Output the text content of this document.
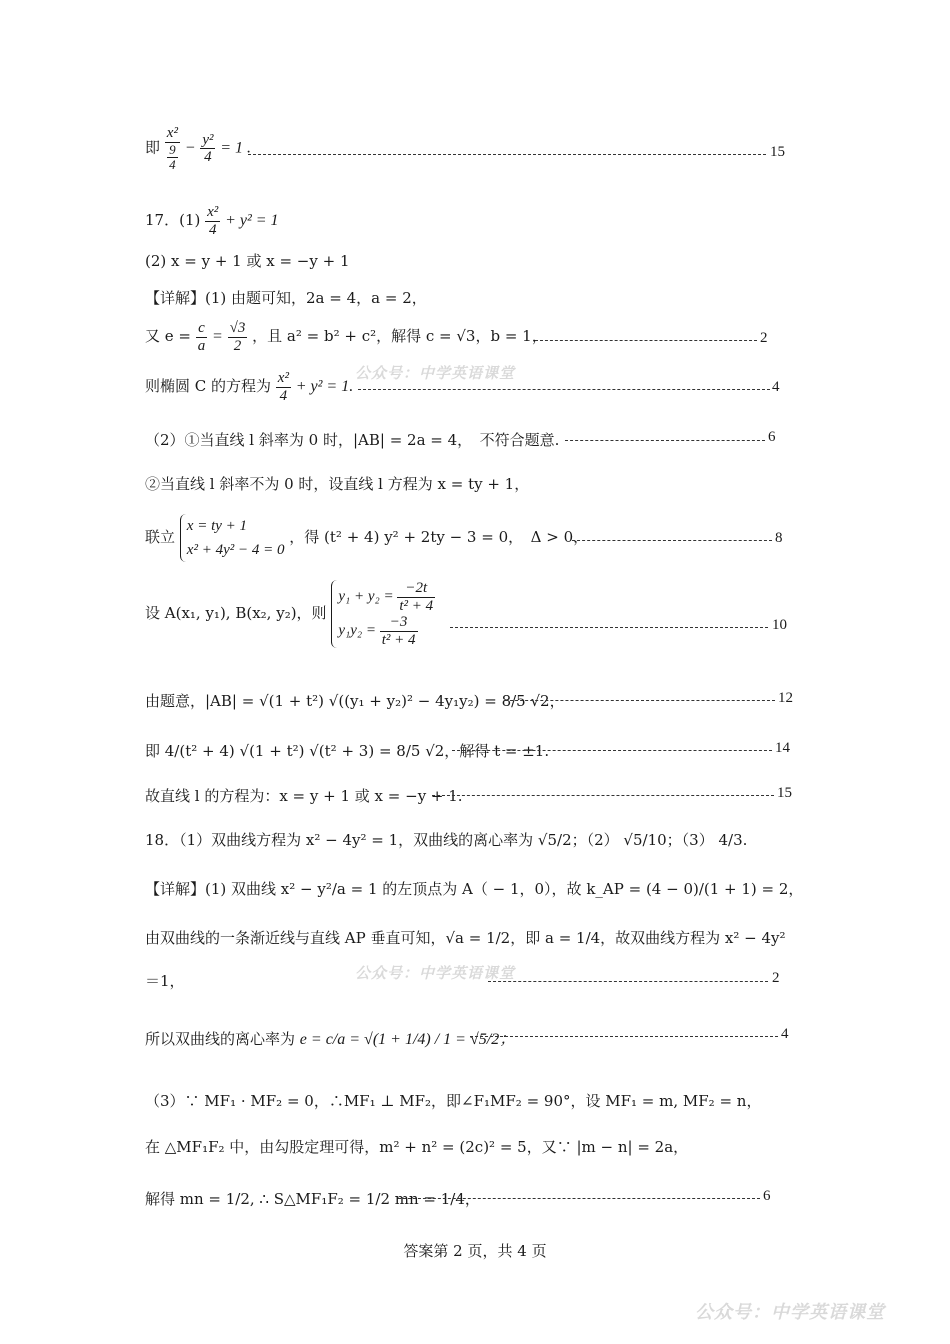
即 $\frac{\text{x²}}{\frac{9}{4}} - \frac{\text{y²}}{4} = 1$ .	15
17．$(1) \frac{\text{x²}}{4} + y^2 = 1$
(2) x = y + 1 或 x = −y + 1
【详解】(1) 由题可知，2a = 4，a = 2，
又 $e = \frac{c}{a} = \frac{√3}{2}$ ，且 a² = b² + c²，解得 c = √3，b = 1，	2
则椭圆 C 的方程为 $\frac{\text{x²}}{4} + y^2 = 1$.	4
（2）①当直线 l 斜率为 0 时，|AB| = 2a = 4，　不符合题意.	6
②当直线 l 斜率不为 0 时，设直线 l 方程为 x = ty + 1，
联立 x = ty + 1
x² + 4y² − 4 = 0 ，得 (t² + 4) y² + 2ty − 3 = 0，　Δ > 0，	8
设 A(x₁, y₁), B(x₂, y₂)，则 $y_1 + y_2 = \frac{-2t}{\text{t² + 4}}$

$y_1y_2 = \frac{-3}{\text{t² + 4}}$	10
由题意，|AB| = √(1 + t²) √((y₁ + y₂)² − 4y₁y₂) = 8/5 √2，	12
即 4/(t² + 4) √(1 + t²) √(t² + 3) = 8/5 √2，解得 t = ±1.	14
故直线 l 的方程为：x = y + 1 或 x = −y + 1.	15
18．（1）双曲线方程为 x² − 4y² = 1，双曲线的离心率为 √5/2；（2） √5/10；（3） 4/3.
【详解】(1) 双曲线 x² − y²/a = 1 的左顶点为 A（ − 1，0），故 k_AP = (4 − 0)/(1 + 1) = 2，
由双曲线的一条渐近线与直线 AP 垂直可知，√a = 1/2，即 a = 1/4，故双曲线方程为 x² − 4y²
＝1，	2
所以双曲线的离心率为 e = c/a = √(1 + 1/4) / 1 = √5/2；	4
（3）∵ MF₁ · MF₂ = 0，∴MF₁ ⊥ MF₂，即∠F₁MF₂ = 90°，设 MF₁ = m, MF₂ = n，
在 △MF₁F₂ 中，由勾股定理可得，m² + n² = (2c)² = 5，又∵ |m − n| = 2a，
解得 mn = 1/2, ∴ S△MF₁F₂ = 1/2 mn = 1/4，	6
答案第 2 页，共 4 页
公众号：中学英语课堂
公众号：中学英语课堂
公众号：中学英语课堂
